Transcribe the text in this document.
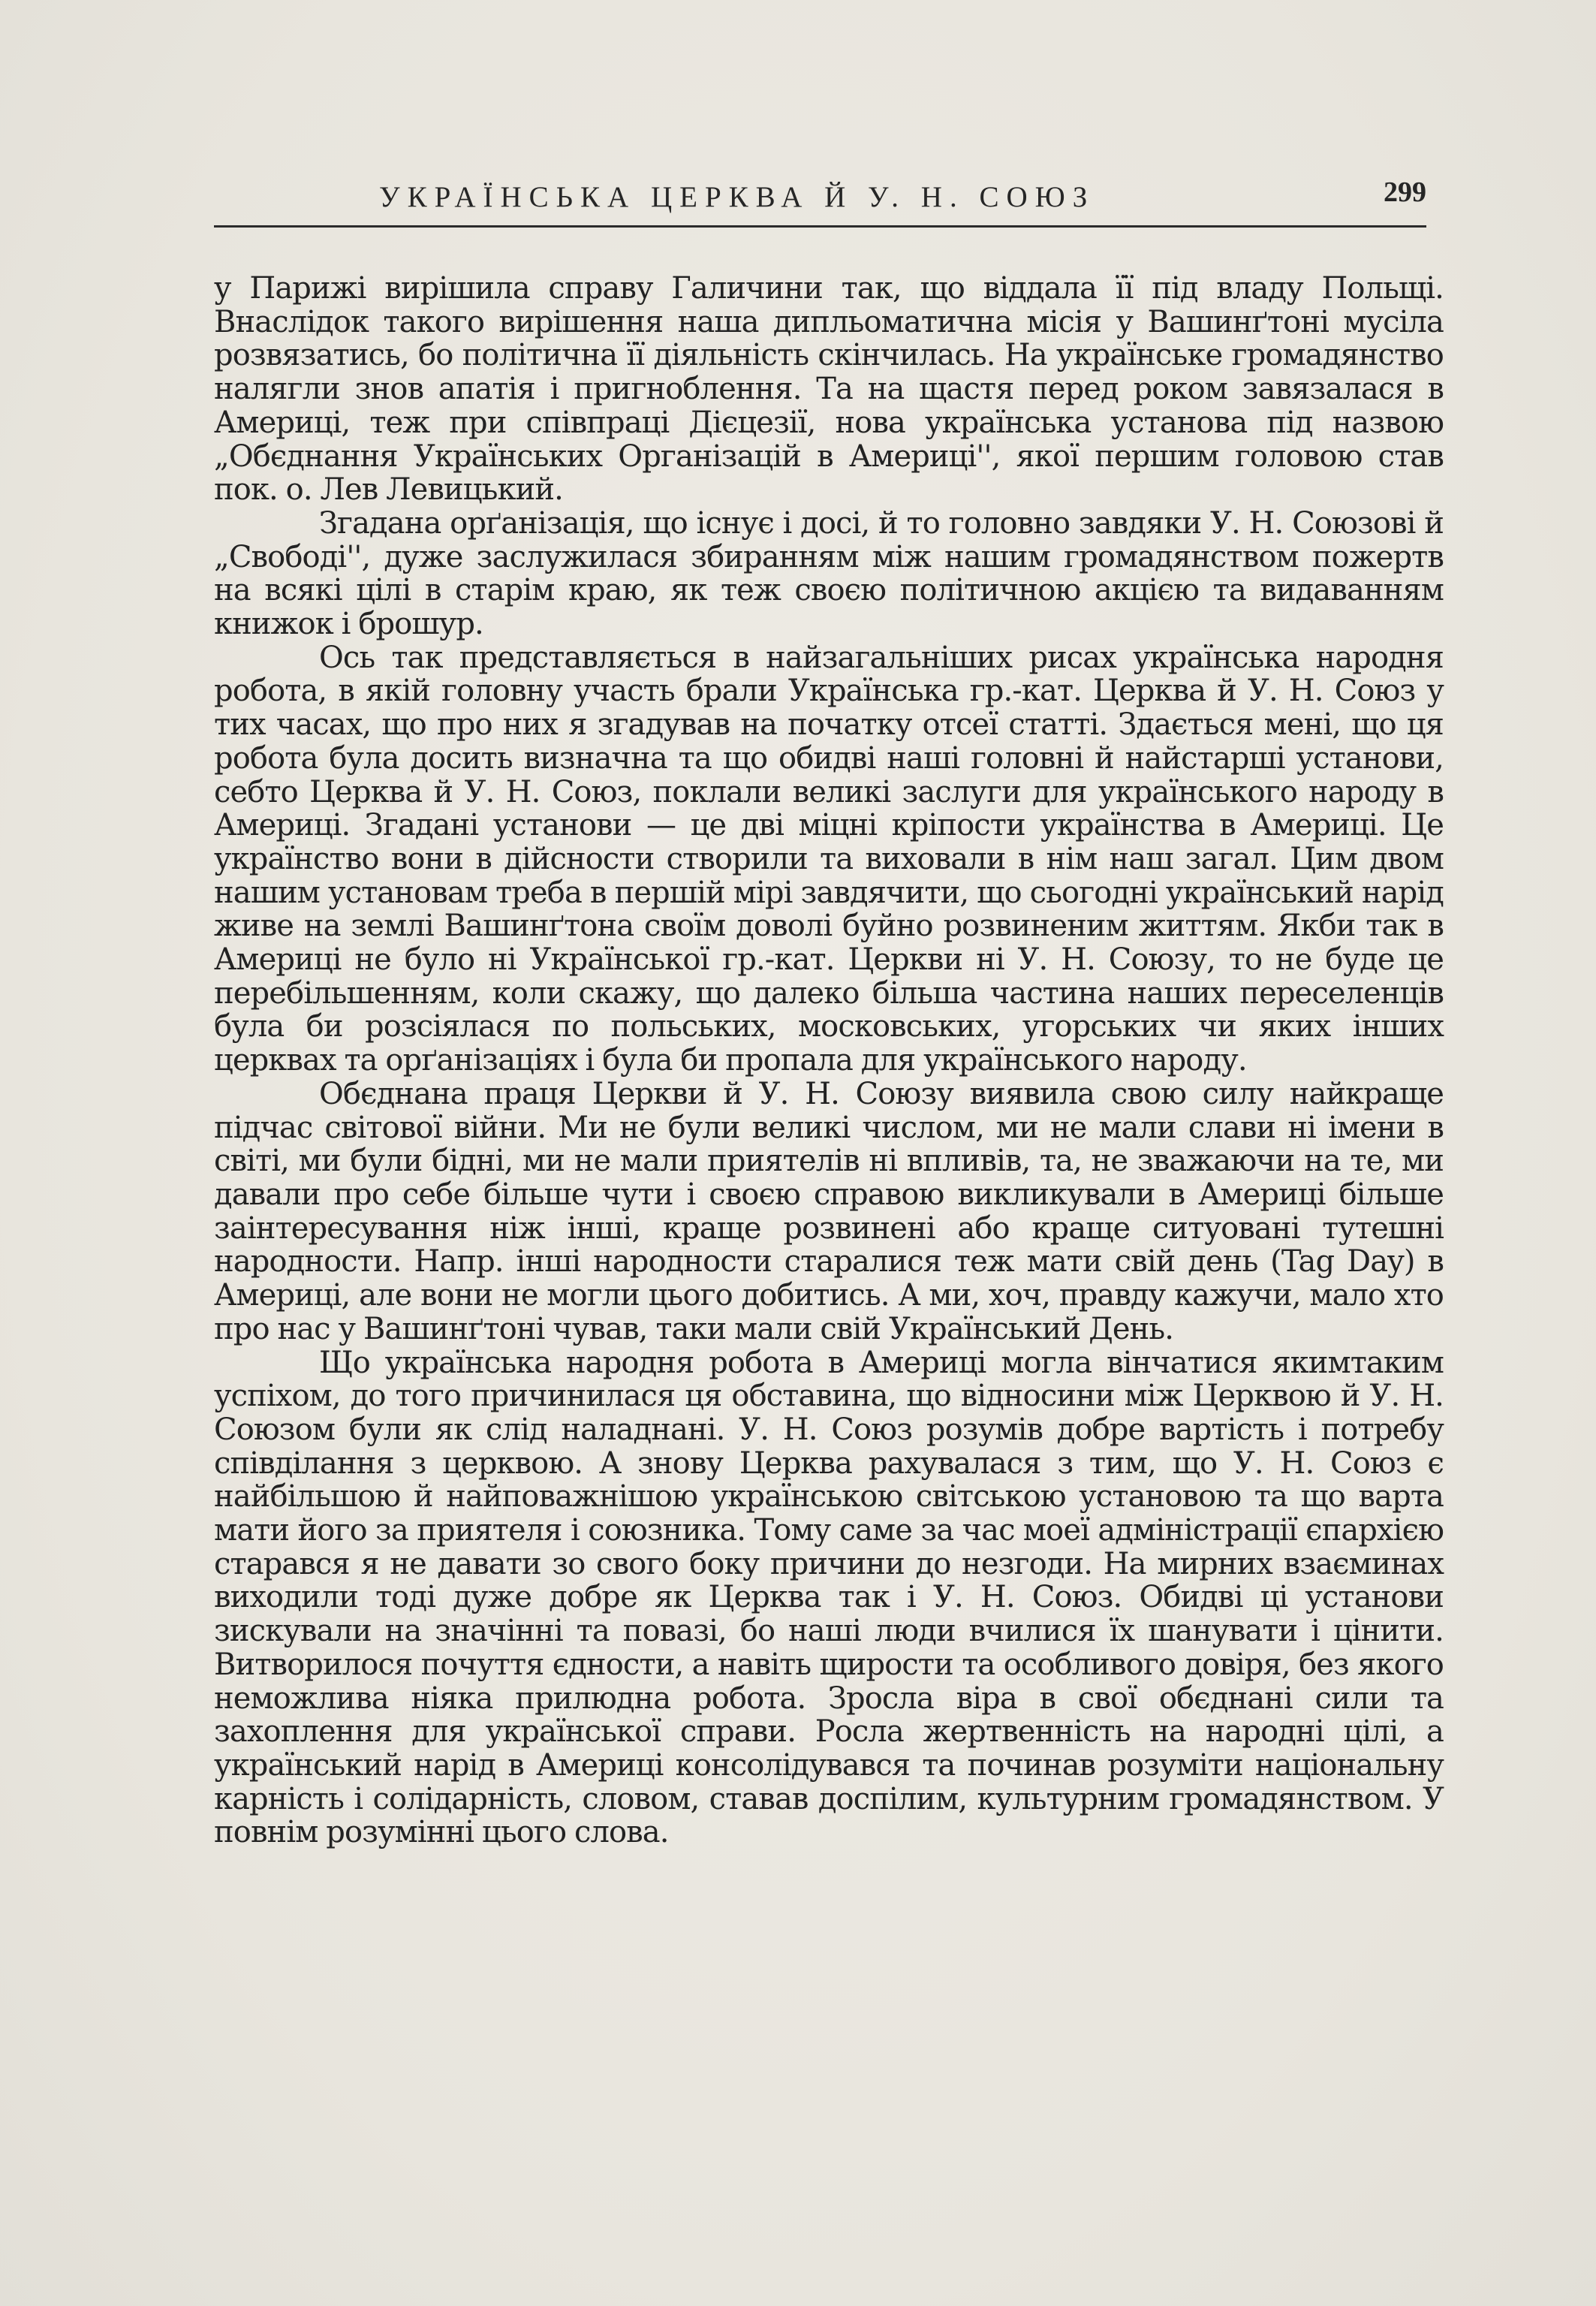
УКРАЇНСЬКА ЦЕРКВА Й У. Н. СОЮЗ	299

у Парижі вирішила справу Галичини так, що віддала її під владу Польщі. Внаслідок такого вирішення наша дипльоматична місія у Вашинґтоні мусіла розвязатись, бо політична її діяльність скінчилась. На українське громадянство налягли знов апатія і пригноблення. Та на щастя перед роком завязалася в Америці, теж при співпраці Дієцезії, нова українська установа під назвою „Обєднання Українських Організацій в Америці'', якої першим головою став пок. о. Лев Левицький.

Згадана орґанізація, що існує і досі, й то головно завдяки У. Н. Союзові й „Свободі'', дуже заслужилася збиранням між нашим громадянством пожертв на всякі цілі в старім краю, як теж своєю політичною акцією та видаванням книжок і брошур.

Ось так представляється в найзагальніших рисах українська народня робота, в якій головну участь брали Українська гр.-кат. Церква й У. Н. Союз у тих часах, що про них я згадував на початку отсеї статті. Здається мені, що ця робота була досить визначна та що обидві наші головні й найстарші установи, себто Церква й У. Н. Союз, поклали великі заслуги для українського народу в Америці. Згадані установи — це дві міцні кріпости українства в Америці. Це українство вони в дійсности створили та виховали в нім наш загал. Цим двом нашим установам треба в першій мірі завдячити, що сьогодні український нарід живе на землі Вашинґтона своїм доволі буйно розвиненим життям. Якби так в Америці не було ні Української гр.-кат. Церкви ні У. Н. Союзу, то не буде це перебільшенням, коли скажу, що далеко більша частина наших переселенців була би розсіялася по польських, московських, угорських чи яких інших церквах та орґанізаціях і була би пропала для українського народу.

Обєднана праця Церкви й У. Н. Союзу виявила свою силу найкраще підчас світової війни. Ми не були великі числом, ми не мали слави ні імени в світі, ми були бідні, ми не мали приятелів ні впливів, та, не зважаючи на те, ми давали про себе більше чути і своєю справою викликували в Америці більше заінтересування ніж інші, краще розвинені або краще ситуовані тутешні народности. Напр. інші народности старалися теж мати свій день (Tag Day) в Америці, але вони не могли цього добитись. А ми, хоч, правду кажучи, мало хто про нас у Вашинґтоні чував, таки мали свій Український День.

Що українська народня робота в Америці могла вінчатися якимтаким успіхом, до того причинилася ця обставина, що відносини між Церквою й У. Н. Союзом були як слід наладнані. У. Н. Союз розумів добре вартість і потребу співділання з церквою. А знову Церква рахувалася з тим, що У. Н. Союз є найбільшою й найповажнішою українською світською установою та що варта мати його за приятеля і союзника. Тому саме за час моеї адміністрації єпархією старався я не давати зо свого боку причини до незгоди. На мирних взаєминах виходили тоді дуже добре як Церква так і У. Н. Союз. Обидві ці установи зискували на значінні та повазі, бо наші люди вчилися їх шанувати і цінити. Витворилося почуття єдности, а навіть щирости та особливого довіря, без якого неможлива ніяка прилюдна робота. Зросла віра в свої обєднані сили та захоплення для української справи. Росла жертвенність на народні цілі, а український нарід в Америці консолідувався та починав розуміти національну карність і солідарність, словом, ставав доспілим, культурним громадянством. У повнім розумінні цього слова.
